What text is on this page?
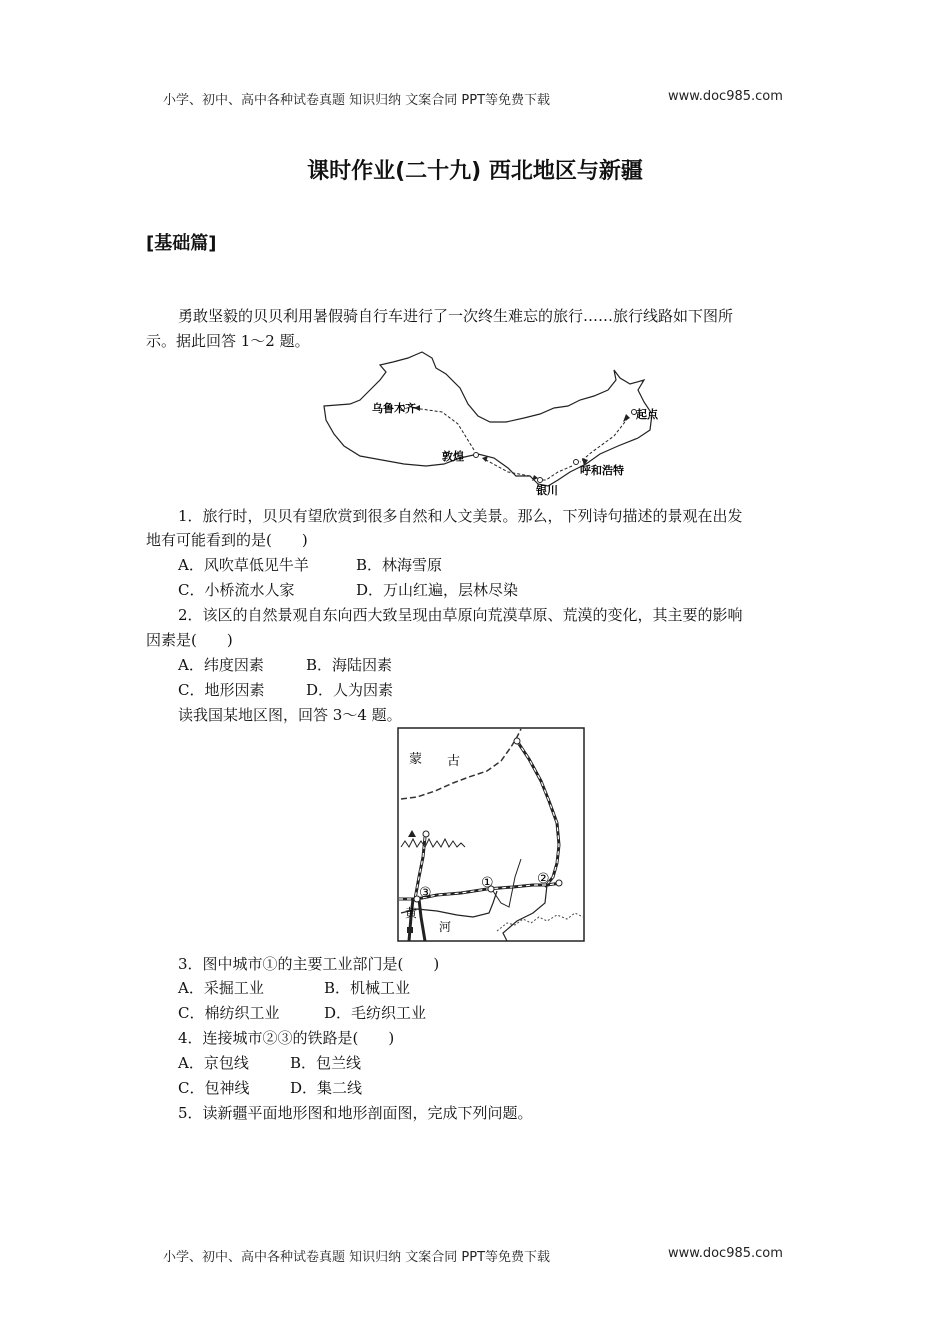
小学、初中、高中各种试卷真题 知识归纳 文案合同 PPT等免费下载	www.doc985.com
课时作业(二十九) 西北地区与新疆
[基础篇]
勇敢坚毅的贝贝利用暑假骑自行车进行了一次终生难忘的旅行……旅行线路如下图所
示。据此回答 1～2 题。
乌鲁木齐	起点
敦煌
呼和浩特
银川
1．旅行时，贝贝有望欣赏到很多自然和人文美景。那么，下列诗句描述的景观在出发
地有可能看到的是(　　)
A．风吹草低见牛羊	B．林海雪原
C．小桥流水人家	D．万山红遍，层林尽染
2．该区的自然景观自东向西大致呈现由草原向荒漠草原、荒漠的变化，其主要的影响
因素是(　　)
A．纬度因素	B．海陆因素
C．地形因素	D．人为因素
读我国某地区图，回答 3～4 题。
蒙 古
①	②
③
黄
河
3．图中城市①的主要工业部门是(　　)
A．采掘工业	B．机械工业
C．棉纺织工业	D．毛纺织工业
4．连接城市②③的铁路是(　　)
A．京包线	B．包兰线
C．包神线	D．集二线
5．读新疆平面地形图和地形剖面图，完成下列问题。
小学、初中、高中各种试卷真题 知识归纳 文案合同 PPT等免费下载	www.doc985.com
